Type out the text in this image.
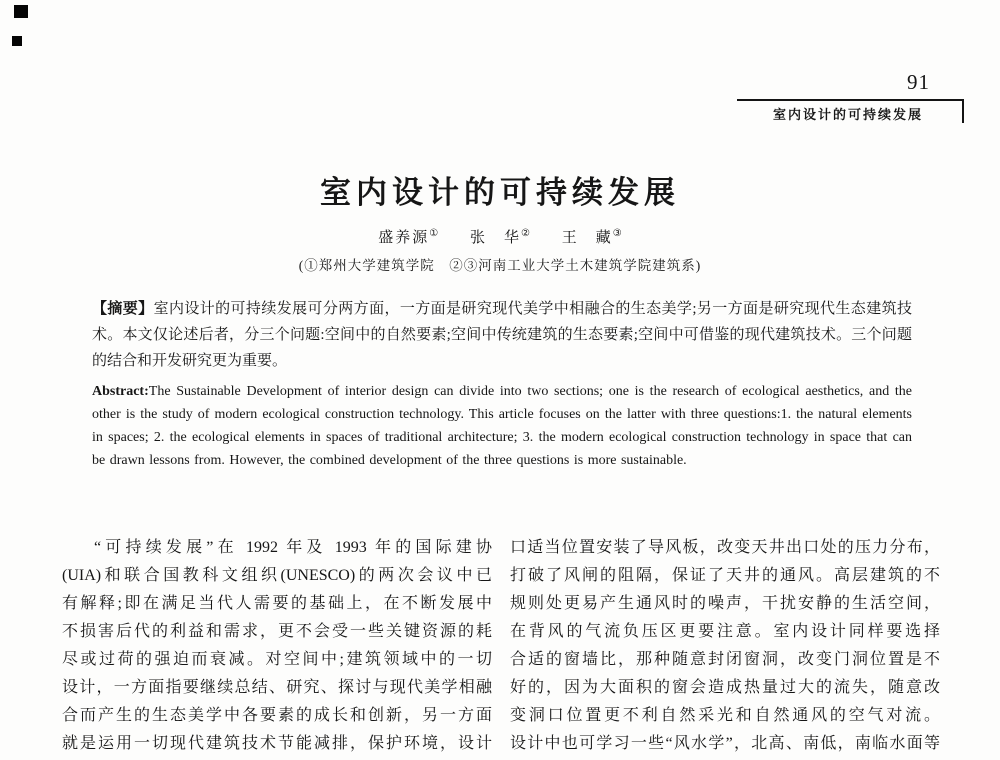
91
室内设计的可持续发展
室内设计的可持续发展
盛养源① 张　华② 王　藏③
(①郑州大学建筑学院　②③河南工业大学土木建筑学院建筑系)

【摘要】室内设计的可持续发展可分两方面，一方面是研究现代美学中相融合的生态美学;另一方面是研究现代生态建筑技术。本文仅论述后者，分三个问题:空间中的自然要素;空间中传统建筑的生态要素;空间中可借鉴的现代建筑技术。三个问题的结合和开发研究更为重要。

Abstract:The Sustainable Development of interior design can divide into two sections; one is the research of ecological aesthetics, and the other is the study of modern ecological construction technology. This article focuses on the latter with three questions:1. the natural elements in spaces; 2. the ecological elements in spaces of traditional architecture; 3. the modern ecological construction technology in space that can be drawn lessons from. However, the combined development of the three questions is more sustainable.

“可持续发展”在 1992 年及 1993 年的国际建协
(UIA)和联合国教科文组织(UNESCO)的两次会议中已
有解释;即在满足当代人需要的基础上，在不断发展中
不损害后代的利益和需求，更不会受一些关键资源的耗
尽或过荷的强迫而衰减。对空间中;建筑领域中的一切
设计，一方面指要继续总结、研究、探讨与现代美学相融
合而产生的生态美学中各要素的成长和创新，另一方面
就是运用一切现代建筑技术节能减排，保护环境，设计
口适当位置安装了导风板，改变天井出口处的压力分布，
打破了风闸的阻隔，保证了天井的通风。高层建筑的不
规则处更易产生通风时的噪声，干扰安静的生活空间，
在背风的气流负压区更要注意。室内设计同样要选择
合适的窗墙比，那种随意封闭窗洞，改变门洞位置是不
好的，因为大面积的窗会造成热量过大的流失，随意改
变洞口位置更不利自然采光和自然通风的空气对流。
设计中也可学习一些“风水学”，北高、南低，南临水面等
